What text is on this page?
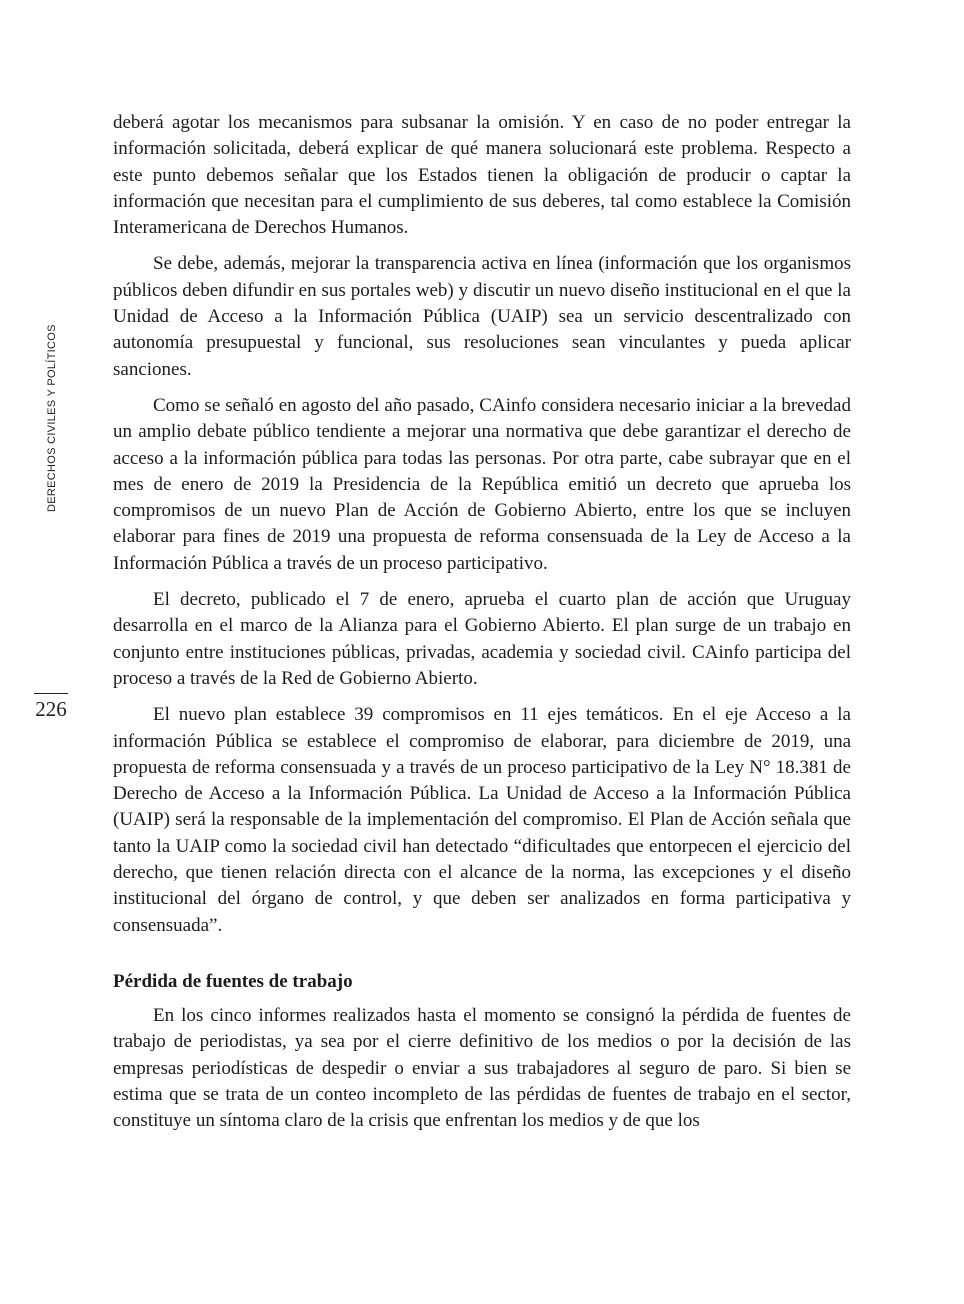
DERECHOS CIVILES Y POLÍTICOS
226

deberá agotar los mecanismos para subsanar la omisión. Y en caso de no poder entregar la información solicitada, deberá explicar de qué manera solucionará este problema. Respecto a este punto debemos señalar que los Estados tienen la obligación de producir o captar la información que necesitan para el cumplimiento de sus deberes, tal como establece la Comisión Interamericana de Derechos Humanos.

Se debe, además, mejorar la transparencia activa en línea (información que los organismos públicos deben difundir en sus portales web) y discutir un nuevo diseño institucional en el que la Unidad de Acceso a la Información Pública (UAIP) sea un servicio descentralizado con autonomía presupuestal y funcional, sus resoluciones sean vinculantes y pueda aplicar sanciones.

Como se señaló en agosto del año pasado, CAinfo considera necesario iniciar a la brevedad un amplio debate público tendiente a mejorar una normativa que debe garantizar el derecho de acceso a la información pública para todas las personas. Por otra parte, cabe subrayar que en el mes de enero de 2019 la Presidencia de la República emitió un decreto que aprueba los compromisos de un nuevo Plan de Acción de Gobierno Abierto, entre los que se incluyen elaborar para fines de 2019 una propuesta de reforma consensuada de la Ley de Acceso a la Información Pública a través de un proceso participativo.

El decreto, publicado el 7 de enero, aprueba el cuarto plan de acción que Uruguay desarrolla en el marco de la Alianza para el Gobierno Abierto. El plan surge de un trabajo en conjunto entre instituciones públicas, privadas, academia y sociedad civil. CAinfo participa del proceso a través de la Red de Gobierno Abierto.

El nuevo plan establece 39 compromisos en 11 ejes temáticos. En el eje Acceso a la información Pública se establece el compromiso de elaborar, para diciembre de 2019, una propuesta de reforma consensuada y a través de un proceso participativo de la Ley N° 18.381 de Derecho de Acceso a la Información Pública. La Unidad de Acceso a la Información Pública (UAIP) será la responsable de la implementación del compromiso. El Plan de Acción señala que tanto la UAIP como la sociedad civil han detectado “dificultades que entorpecen el ejercicio del derecho, que tienen relación directa con el alcance de la norma, las excepciones y el diseño institucional del órgano de control, y que deben ser analizados en forma participativa y consensuada”.

Pérdida de fuentes de trabajo

En los cinco informes realizados hasta el momento se consignó la pérdida de fuentes de trabajo de periodistas, ya sea por el cierre definitivo de los medios o por la decisión de las empresas periodísticas de despedir o enviar a sus trabajadores al seguro de paro. Si bien se estima que se trata de un conteo incompleto de las pérdidas de fuentes de trabajo en el sector, constituye un síntoma claro de la crisis que enfrentan los medios y de que los
